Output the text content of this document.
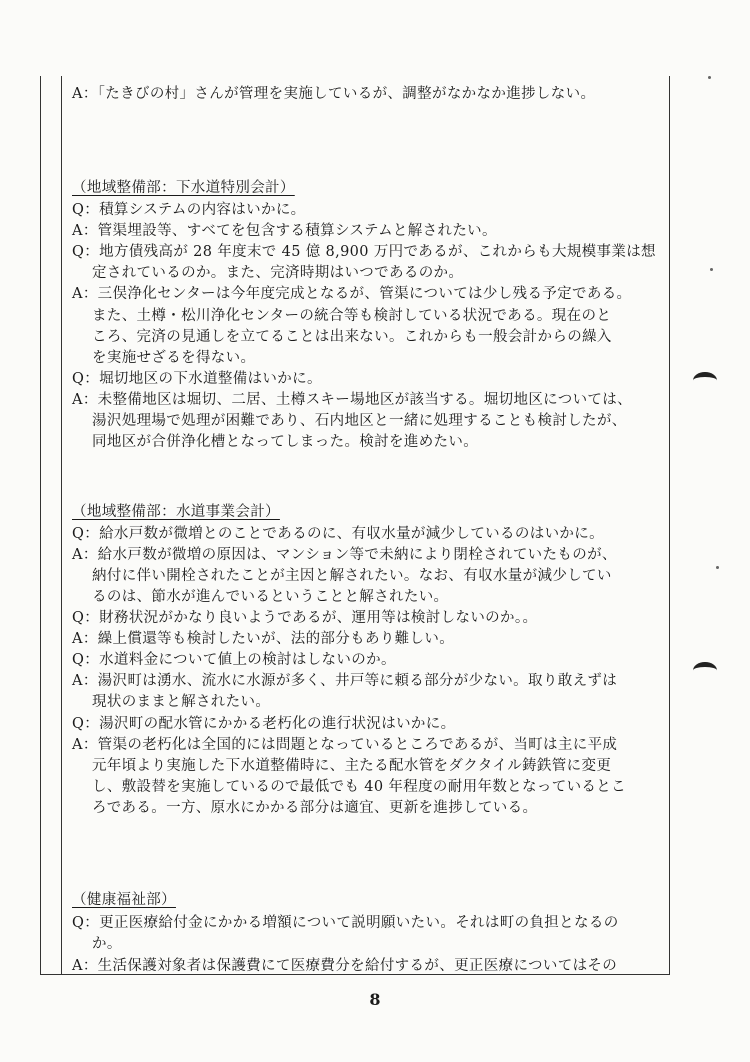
A：「たきびの村」さんが管理を実施しているが、調整がなかなか進捗しない。
（地域整備部：下水道特別会計）
Q：積算システムの内容はいかに。
A：管渠埋設等、すべてを包含する積算システムと解されたい。
Q：地方債残高が 28 年度末で 45 億 8,900 万円であるが、これからも大規模事業は想
定されているのか。また、完済時期はいつであるのか。
A：三俣浄化センターは今年度完成となるが、管渠については少し残る予定である。
また、土樽・松川浄化センターの統合等も検討している状況である。現在のと
ころ、完済の見通しを立てることは出来ない。これからも一般会計からの繰入
を実施せざるを得ない。
Q：堀切地区の下水道整備はいかに。
A：未整備地区は堀切、二居、土樽スキー場地区が該当する。堀切地区については、
湯沢処理場で処理が困難であり、石内地区と一緒に処理することも検討したが、
同地区が合併浄化槽となってしまった。検討を進めたい。
（地域整備部：水道事業会計）
Q：給水戸数が微増とのことであるのに、有収水量が減少しているのはいかに。
A：給水戸数が微増の原因は、マンション等で未納により閉栓されていたものが、
納付に伴い開栓されたことが主因と解されたい。なお、有収水量が減少してい
るのは、節水が進んでいるということと解されたい。
Q：財務状況がかなり良いようであるが、運用等は検討しないのか。。
A：繰上償還等も検討したいが、法的部分もあり難しい。
Q：水道料金について値上の検討はしないのか。
A：湯沢町は湧水、流水に水源が多く、井戸等に頼る部分が少ない。取り敢えずは
現状のままと解されたい。
Q：湯沢町の配水管にかかる老朽化の進行状況はいかに。
A：管渠の老朽化は全国的には問題となっているところであるが、当町は主に平成
元年頃より実施した下水道整備時に、主たる配水管をダクタイル鋳鉄管に変更
し、敷設替を実施しているので最低でも 40 年程度の耐用年数となっているとこ
ろである。一方、原水にかかる部分は適宜、更新を進捗している。
（健康福祉部）
Q：更正医療給付金にかかる増額について説明願いたい。それは町の負担となるの
か。
A：生活保護対象者は保護費にて医療費分を給付するが、更正医療についてはその
8
